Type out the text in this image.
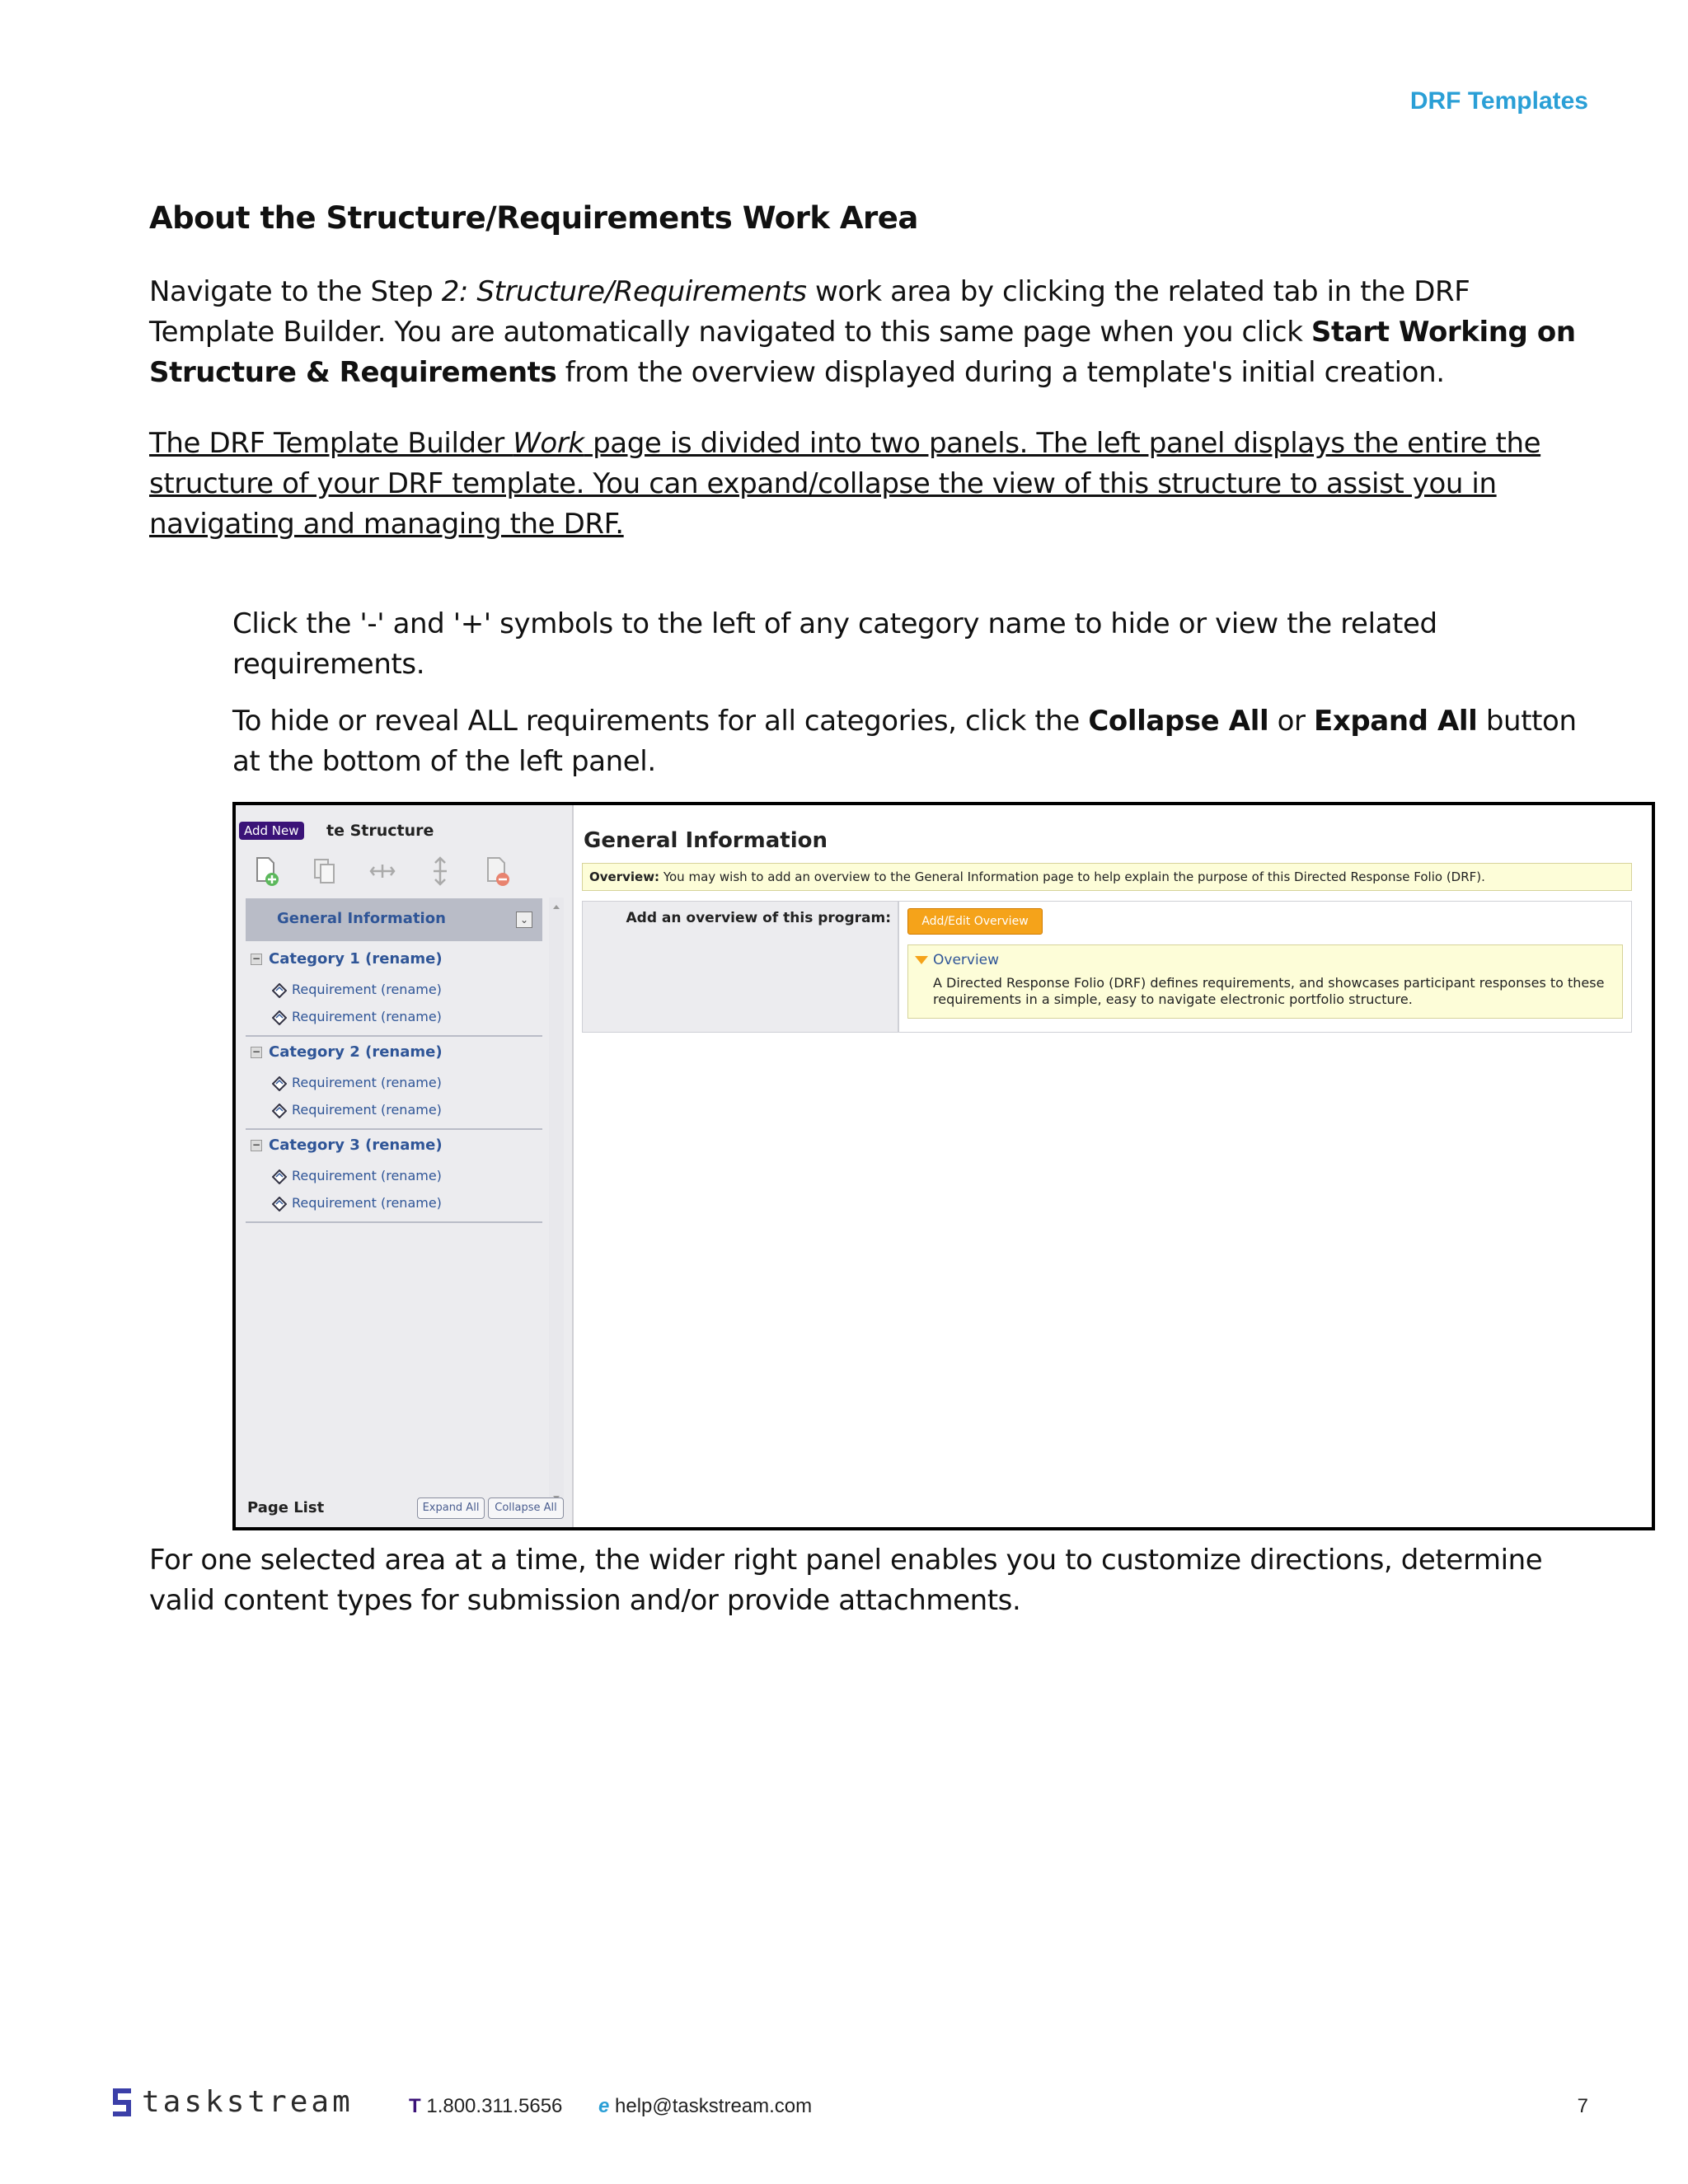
DRF Templates
About the Structure/Requirements Work Area
Navigate to the Step 2: Structure/Requirements work area by clicking the related tab in the DRF Template Builder. You are automatically navigated to this same page when you click Start Working on Structure & Requirements from the overview displayed during a template's initial creation.
The DRF Template Builder Work page is divided into two panels. The left panel displays the entire the structure of your DRF template. You can expand/collapse the view of this structure to assist you in navigating and managing the DRF.
Click the '-' and '+' symbols to the left of any category name to hide or view the related requirements.
To hide or reveal ALL requirements for all categories, click the Collapse All or Expand All button at the bottom of the left panel.
te Structure
Add New
General Information	⌄
− Category 1 (rename)
Requirement (rename)
Requirement (rename)
− Category 2 (rename)
Requirement (rename)
Requirement (rename)
− Category 3 (rename)
Requirement (rename)
Requirement (rename)
Page List	Expand All	Collapse All
General Information
Overview: You may wish to add an overview to the General Information page to help explain the purpose of this Directed Response Folio (DRF).
Add an overview of this program:	Add/Edit Overview
Overview
A Directed Response Folio (DRF) defines requirements, and showcases participant responses to these requirements in a simple, easy to navigate electronic portfolio structure.
For one selected area at a time, the wider right panel enables you to customize directions, determine valid content types for submission and/or provide attachments.
taskstream	T 1.800.311.5656 e help@taskstream.com	7
